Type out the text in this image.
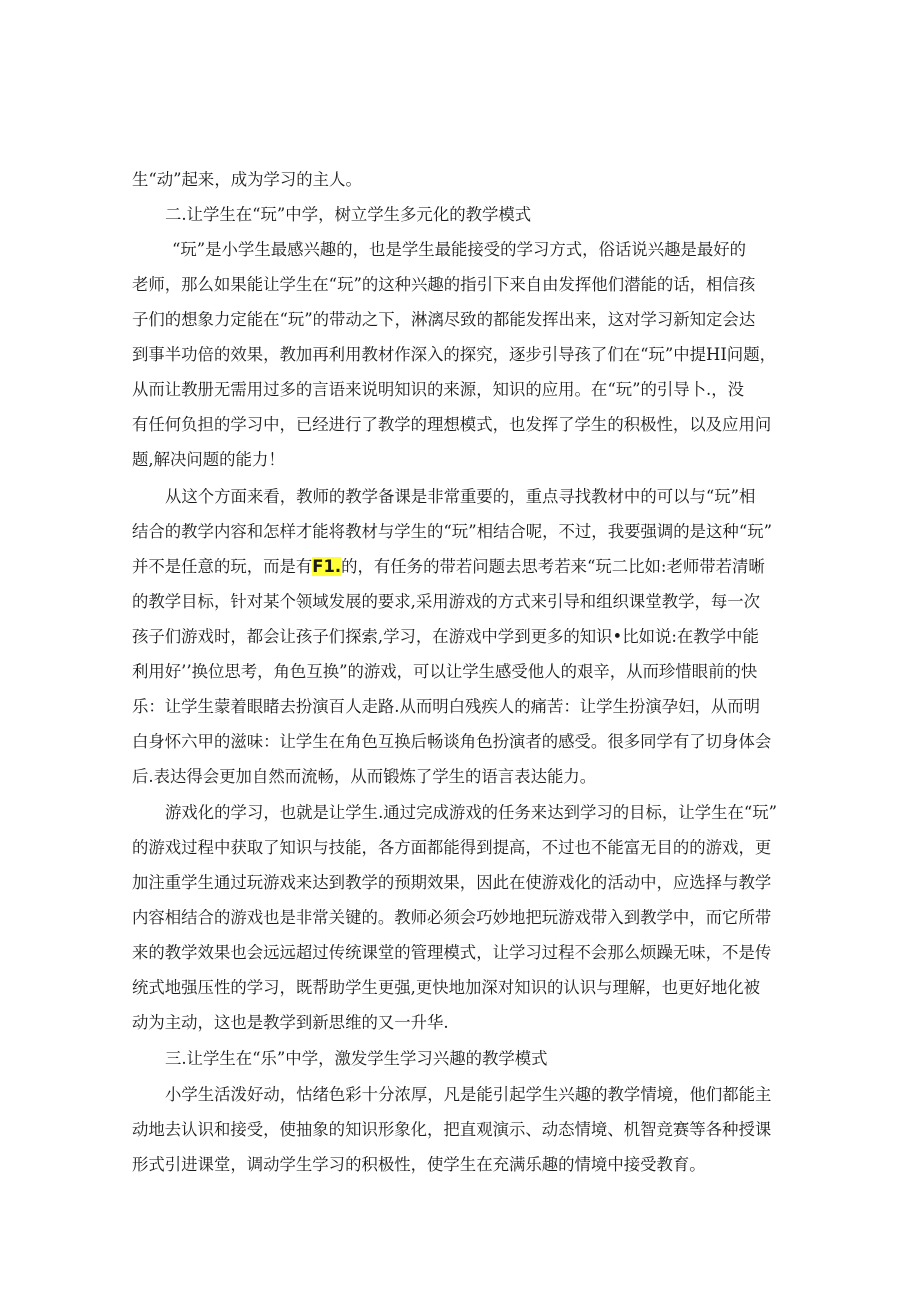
生“动”起来，成为学习的主人。
二.让学生在“玩”中学，树立学生多元化的教学模式
“玩”是小学生最感兴趣的，也是学生最能接受的学习方式，俗话说兴趣是最好的
老师，那么如果能让学生在“玩”的这种兴趣的指引下来自由发挥他们潜能的话，相信孩
子们的想象力定能在“玩”的带动之下，淋漓尽致的都能发挥出来，这对学习新知定会达
到事半功倍的效果，教加再利用教材作深入的探究，逐步引导孩了们在“玩”中提HI问题，
从而让教册无需用过多的言语来说明知识的来源，知识的应用。在“玩”的引导卜.，没
有任何负担的学习中，已经进行了教学的理想模式，也发挥了学生的积极性，以及应用问
题,解决问题的能力！
从这个方面来看，教师的教学备课是非常重要的，重点寻找教材中的可以与“玩”相
结合的教学内容和怎样才能将教材与学生的“玩”相结合呢，不过，我要强调的是这种“玩”
并不是任意的玩，而是有F1.的，有任务的带若问题去思考若来“玩二比如:老师带若清晰
的教学目标，针对某个领域发展的要求,采用游戏的方式来引导和组织课堂教学，每一次
孩子们游戏时，都会让孩子们探索,学习，在游戏中学到更多的知识•比如说:在教学中能
利用好’’换位思考，角色互换”的游戏，可以让学生感受他人的艰辛，从而珍惜眼前的快
乐：让学生蒙着眼睹去扮演百人走路.从而明白残疾人的痛苦：让学生扮演孕妇，从而明
白身怀六甲的滋味：让学生在角色互换后畅谈角色扮演者的感受。很多同学有了切身体会
后.表达得会更加自然而流畅，从而锻炼了学生的语言表达能力。
游戏化的学习，也就是让学生.通过完成游戏的任务来达到学习的目标，让学生在“玩”
的游戏过程中获取了知识与技能，各方面都能得到提高，不过也不能富无目的的游戏，更
加注重学生通过玩游戏来达到教学的预期效果，因此在使游戏化的活动中，应选择与教学
内容相结合的游戏也是非常关键的。教师必须会巧妙地把玩游戏带入到教学中，而它所带
来的教学效果也会远远超过传统课堂的管理模式，让学习过程不会那么烦躁无味，不是传
统式地强压性的学习，既帮助学生更强,更快地加深对知识的认识与理解，也更好地化被
动为主动，这也是教学到新思维的又一升华.
三.让学生在“乐”中学，激发学生学习兴趣的教学模式
小学生活泼好动，怙绪色彩十分浓厚，凡是能引起学生兴趣的教学情境，他们都能主
动地去认识和接受，使抽象的知识形象化，把直观演示、动态情境、机智竞赛等各种授课
形式引进课堂，调动学生学习的积极性，使学生在充满乐趣的情境中接受教育。
